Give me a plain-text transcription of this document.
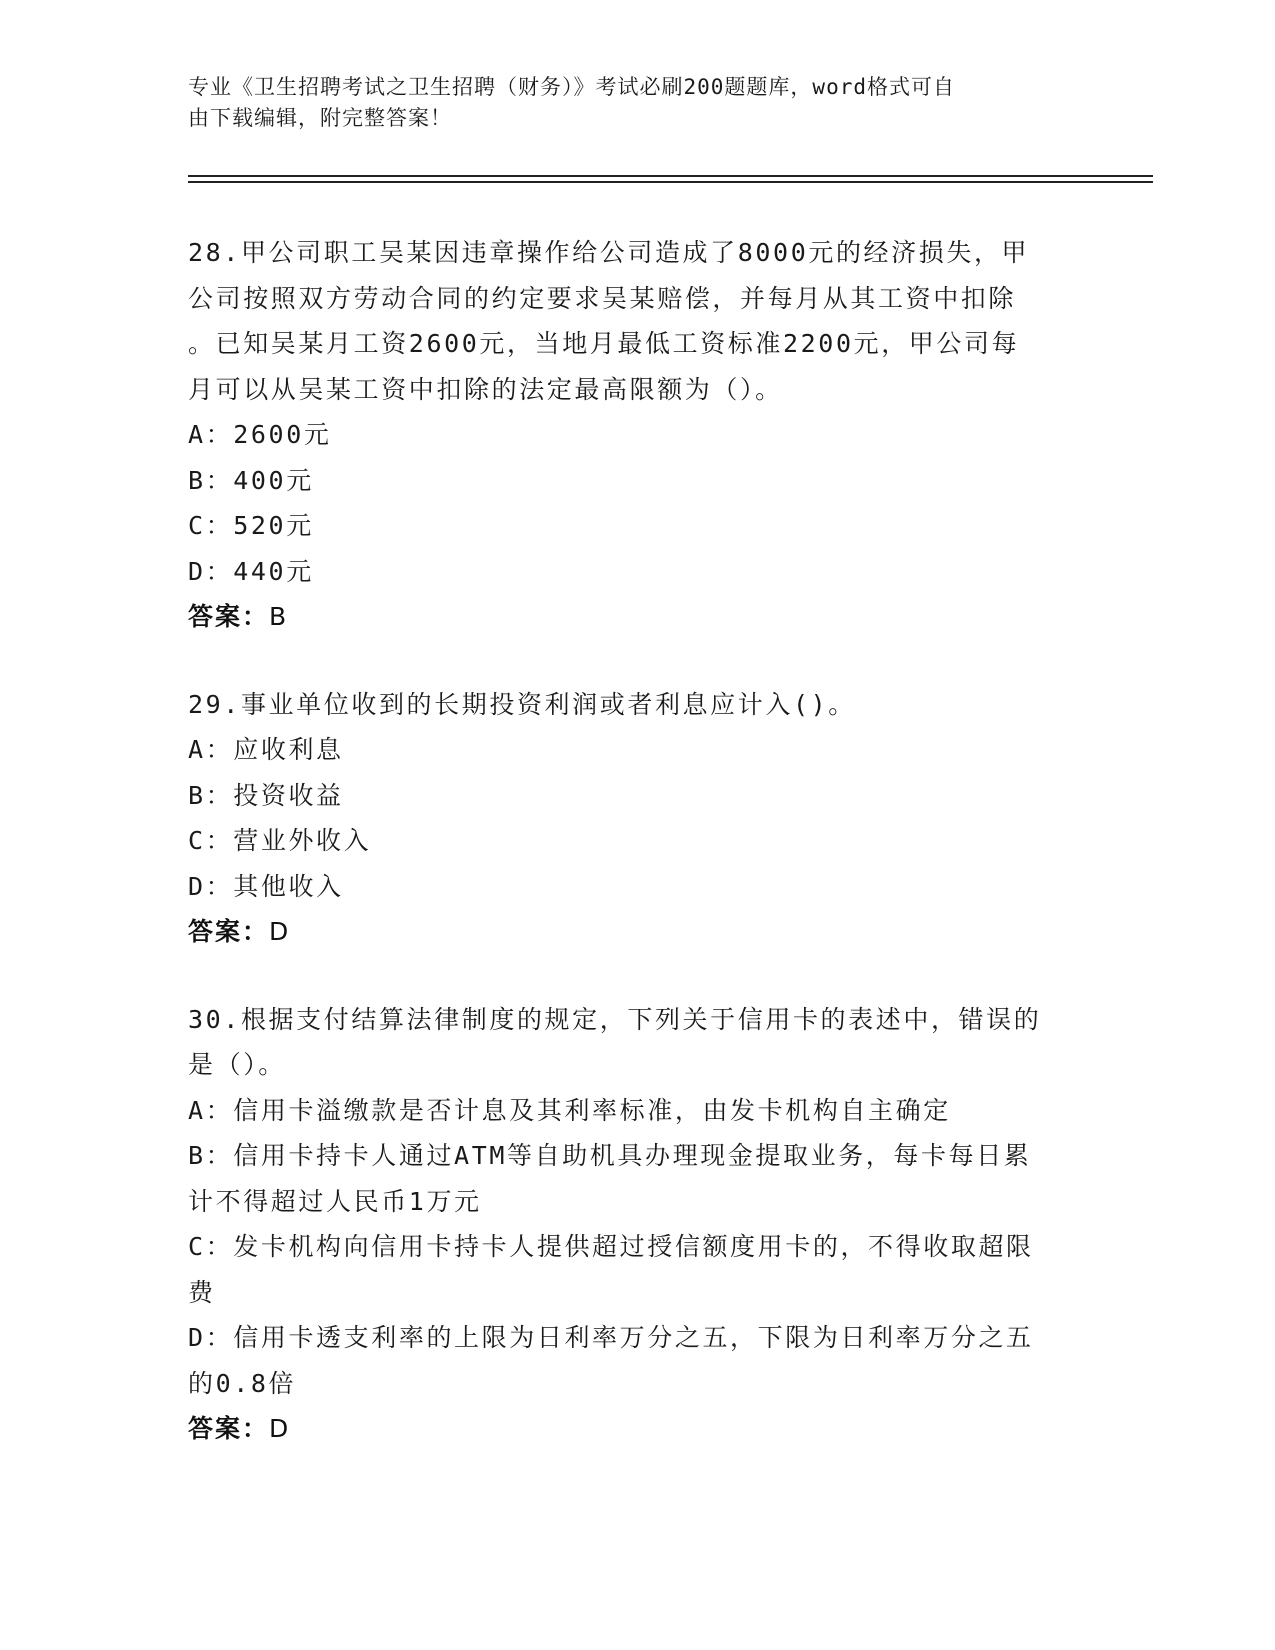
专业《卫生招聘考试之卫生招聘（财务）》考试必刷200题题库，word格式可自
由下载编辑，附完整答案！
28.甲公司职工吴某因违章操作给公司造成了8000元的经济损失，甲
公司按照双方劳动合同的约定要求吴某赔偿，并每月从其工资中扣除
。已知吴某月工资2600元，当地月最低工资标准2200元，甲公司每
月可以从吴某工资中扣除的法定最高限额为（）。
A：2600元
B：400元
C：520元
D：440元
答案：B
29.事业单位收到的长期投资利润或者利息应计入()。
A：应收利息
B：投资收益
C：营业外收入
D：其他收入
答案：D
30.根据支付结算法律制度的规定，下列关于信用卡的表述中，错误的
是（）。
A：信用卡溢缴款是否计息及其利率标准，由发卡机构自主确定
B：信用卡持卡人通过ATM等自助机具办理现金提取业务，每卡每日累
计不得超过人民币1万元
C：发卡机构向信用卡持卡人提供超过授信额度用卡的，不得收取超限
费
D：信用卡透支利率的上限为日利率万分之五，下限为日利率万分之五
的0.8倍
答案：D
